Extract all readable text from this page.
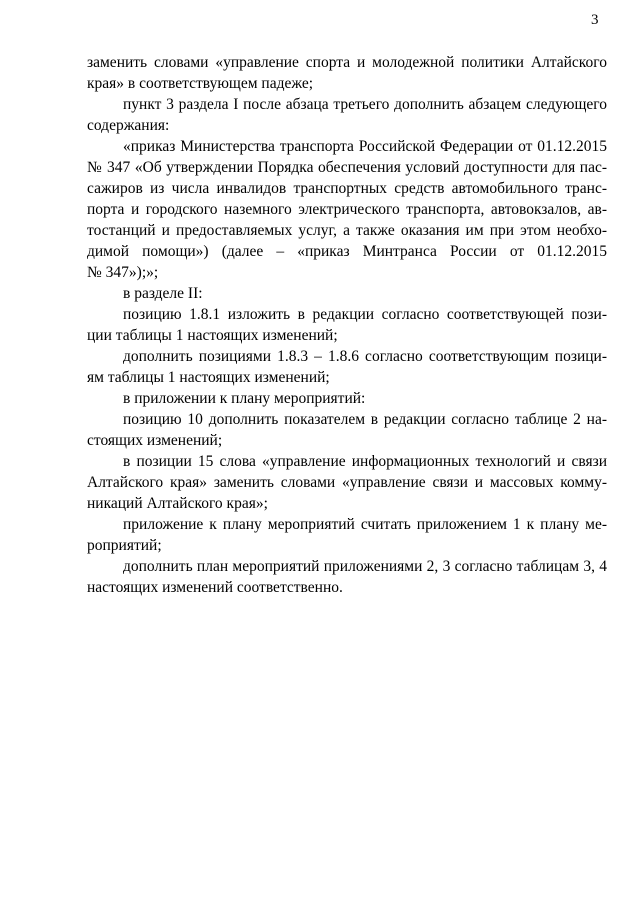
3
заменить словами «управление спорта и молодежной политики Алтайского
края» в соответствующем падеже;
пункт 3 раздела I после абзаца третьего дополнить абзацем следующего
содержания:
«приказ Министерства транспорта Российской Федерации от 01.12.2015
№ 347 «Об утверждении Порядка обеспечения условий доступности для пас-
сажиров из числа инвалидов транспортных средств автомобильного транс-
порта и городского наземного электрического транспорта, автовокзалов, ав-
тостанций и предоставляемых услуг, а также оказания им при этом необхо-
димой помощи») (далее – «приказ Минтранса России от 01.12.2015
№ 347»);»;
в разделе II:
позицию 1.8.1 изложить в редакции согласно соответствующей пози-
ции таблицы 1 настоящих изменений;
дополнить позициями 1.8.3 – 1.8.6 согласно соответствующим позици-
ям таблицы 1 настоящих изменений;
в приложении к плану мероприятий:
позицию 10 дополнить показателем в редакции согласно таблице 2 на-
стоящих изменений;
в позиции 15 слова «управление информационных технологий и связи
Алтайского края» заменить словами «управление связи и массовых комму-
никаций Алтайского края»;
приложение к плану мероприятий считать приложением 1 к плану ме-
роприятий;
дополнить план мероприятий приложениями 2, 3 согласно таблицам 3, 4
настоящих изменений соответственно.
